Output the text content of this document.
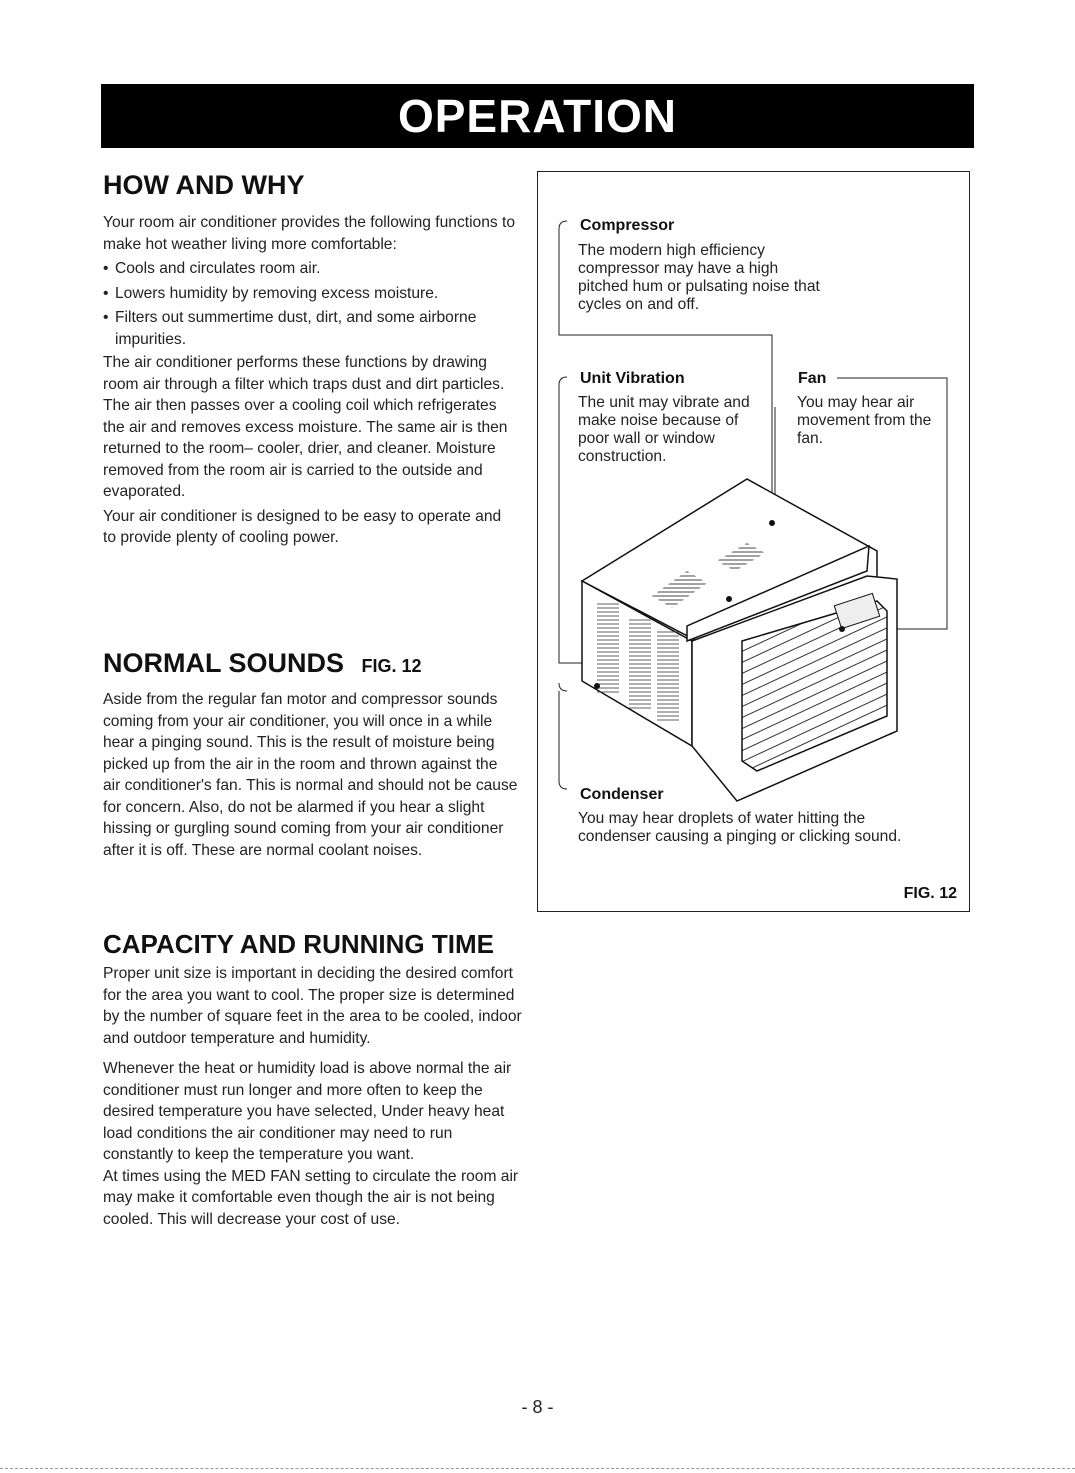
OPERATION
HOW AND WHY

Your room air conditioner provides the following functions to make hot weather living more comfortable:

• Cools and circulates room air.
• Lowers humidity by removing excess moisture.
• Filters out summertime dust, dirt, and some airborne impurities.

The air conditioner performs these functions by drawing room air through a filter which traps dust and dirt particles. The air then passes over a cooling coil which refrigerates the air and removes excess moisture. The same air is then returned to the room– cooler, drier, and cleaner. Moisture removed from the room air is carried to the outside and evaporated.

Your air conditioner is designed to be easy to operate and to provide plenty of cooling power.

NORMAL SOUNDS FIG. 12

Aside from the regular fan motor and compressor sounds coming from your air conditioner, you will once in a while hear a pinging sound. This is the result of moisture being picked up from the air in the room and thrown against the air conditioner's fan. This is normal and should not be cause for concern. Also, do not be alarmed if you hear a slight hissing or gurgling sound coming from your air conditioner after it is off. These are normal coolant noises.

CAPACITY AND RUNNING TIME

Proper unit size is important in deciding the desired comfort for the area you want to cool. The proper size is determined by the number of square feet in the area to be cooled, indoor and outdoor temperature and humidity.

Whenever the heat or humidity load is above normal the air conditioner must run longer and more often to keep the desired temperature you have selected, Under heavy heat load conditions the air conditioner may need to run constantly to keep the temperature you want.

At times using the MED FAN setting to circulate the room air may make it comfortable even though the air is not being cooled. This will decrease your cost of use.

Compressor
The modern high efficiency compressor may have a high pitched hum or pulsating noise that cycles on and off.
Unit Vibration
The unit may vibrate and make noise because of poor wall or window construction.
Fan
You may hear air movement from the fan.
Condenser
You may hear droplets of water hitting the condenser causing a pinging or clicking sound.
FIG. 12
- 8 -
